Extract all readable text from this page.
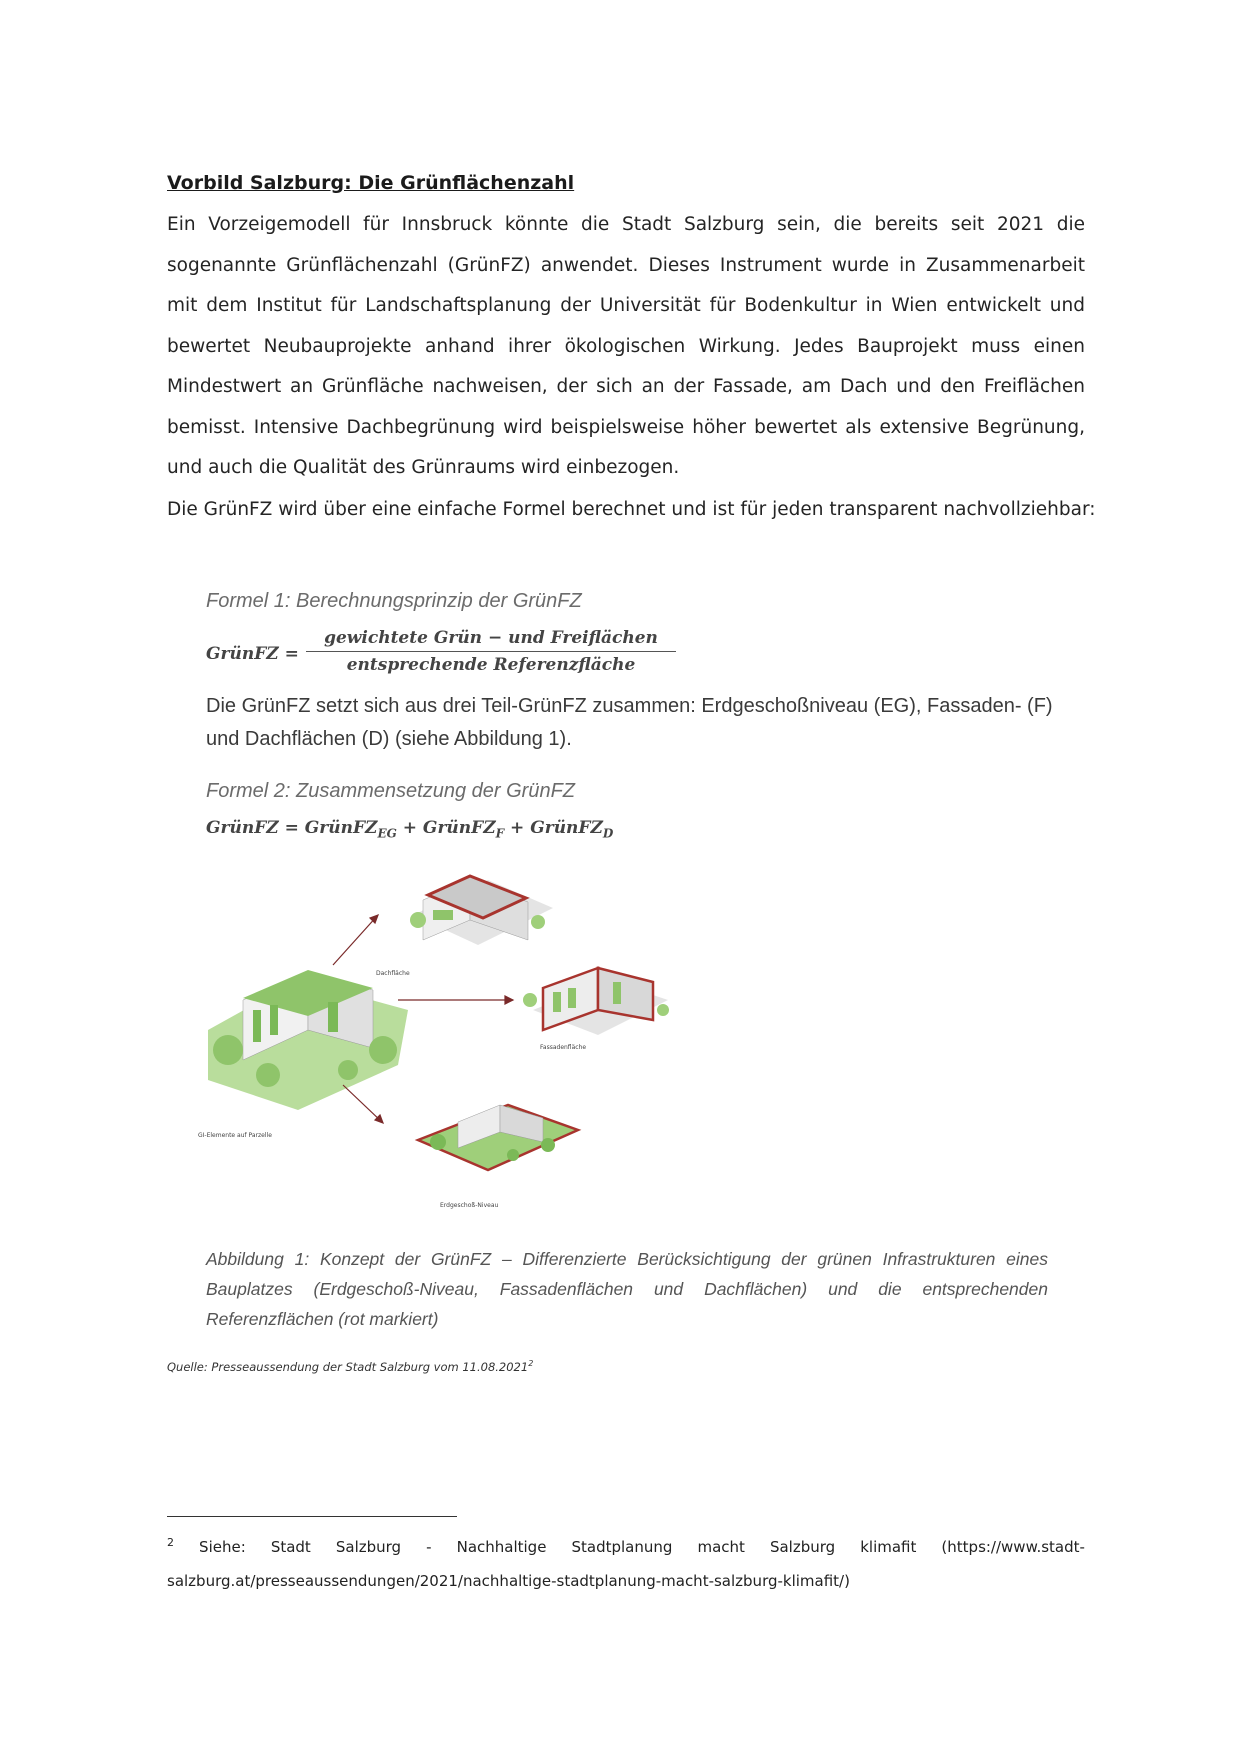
Vorbild Salzburg: Die Grünflächenzahl
Ein Vorzeigemodell für Innsbruck könnte die Stadt Salzburg sein, die bereits seit 2021 die sogenannte Grünflächenzahl (GrünFZ) anwendet. Dieses Instrument wurde in Zusammenarbeit mit dem Institut für Landschaftsplanung der Universität für Bodenkultur in Wien entwickelt und bewertet Neubauprojekte anhand ihrer ökologischen Wirkung. Jedes Bauprojekt muss einen Mindestwert an Grünfläche nachweisen, der sich an der Fassade, am Dach und den Freiflächen bemisst. Intensive Dachbegrünung wird beispielsweise höher bewertet als extensive Begrünung, und auch die Qualität des Grünraums wird einbezogen.
Die GrünFZ wird über eine einfache Formel berechnet und ist für jeden transparent nachvollziehbar:
Formel 1: Berechnungsprinzip der GrünFZ
GrünFZ =
gewichtete Grün − und Freiflächen
entsprechende Referenzfläche
Die GrünFZ setzt sich aus drei Teil-GrünFZ zusammen: Erdgeschoßniveau (EG), Fassaden- (F) und Dachflächen (D) (siehe Abbildung 1).
Formel 2: Zusammensetzung der GrünFZ
GrünFZ = GrünFZ$_{EG}$ + GrünFZ$_F$ + GrünFZ$_D$
Dachfläche
Fassadenfläche
Erdgeschoß-Niveau
GI-Elemente auf Parzelle
Abbildung 1: Konzept der GrünFZ – Differenzierte Berücksichtigung der grünen Infrastrukturen eines Bauplatzes (Erdgeschoß-Niveau, Fassadenflächen und Dachflächen) und die entsprechenden Referenzflächen (rot markiert)
Quelle: Presseaussendung der Stadt Salzburg vom 11.08.2021$^2$
2 Siehe: Stadt Salzburg - Nachhaltige Stadtplanung macht Salzburg klimafit (https://www.stadt-
salzburg.at/presseaussendungen/2021/nachhaltige-stadtplanung-macht-salzburg-klimafit/)
